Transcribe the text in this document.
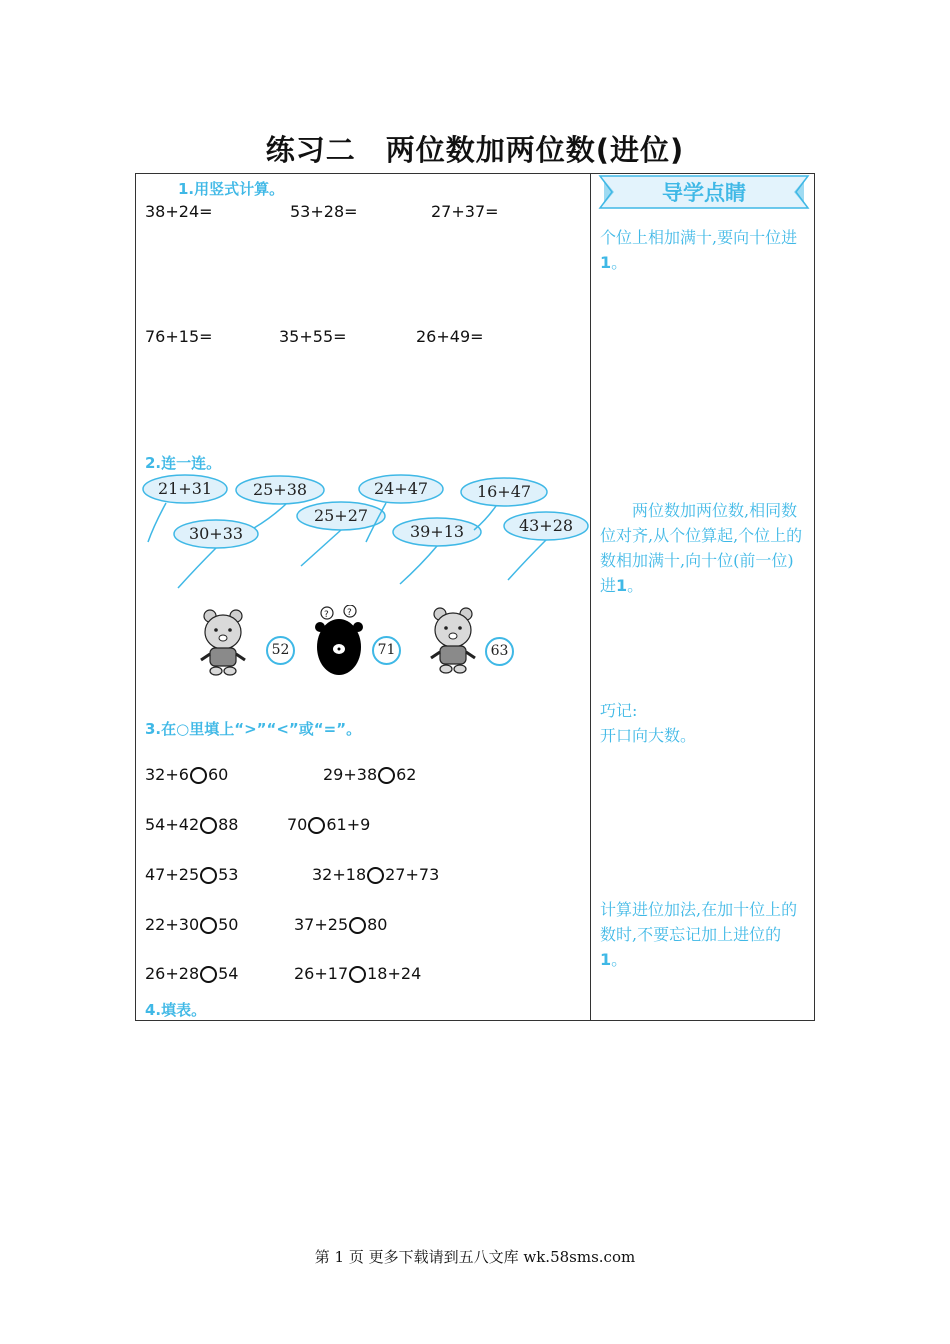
练习二　两位数加两位数(进位)
1.用竖式计算。
38+24=	53+28=	27+37=
76+15=	35+55=	26+49=
2.连一连。
21+31	25+38	24+47	16+47
30+33
25+27
39+13	43+28
52
? ?
71	63
3.在○里填上“>”“<”或“=”。
32+6 60	29+38 62
54+42 88	70 61+9
47+25 53	32+18 27+73
22+30 50	37+25 80
26+28 54	26+17 18+24
4.填表。
导学点睛
个位上相加满十,要向十位进1。
　　两位数加两位数,相同数位对齐,从个位算起,个位上的数相加满十,向十位(前一位)进1。
巧记:
开口向大数。
计算进位加法,在加十位上的数时,不要忘记加上进位的1。
第 1 页 更多下载请到五八文库 wk.58sms.com
